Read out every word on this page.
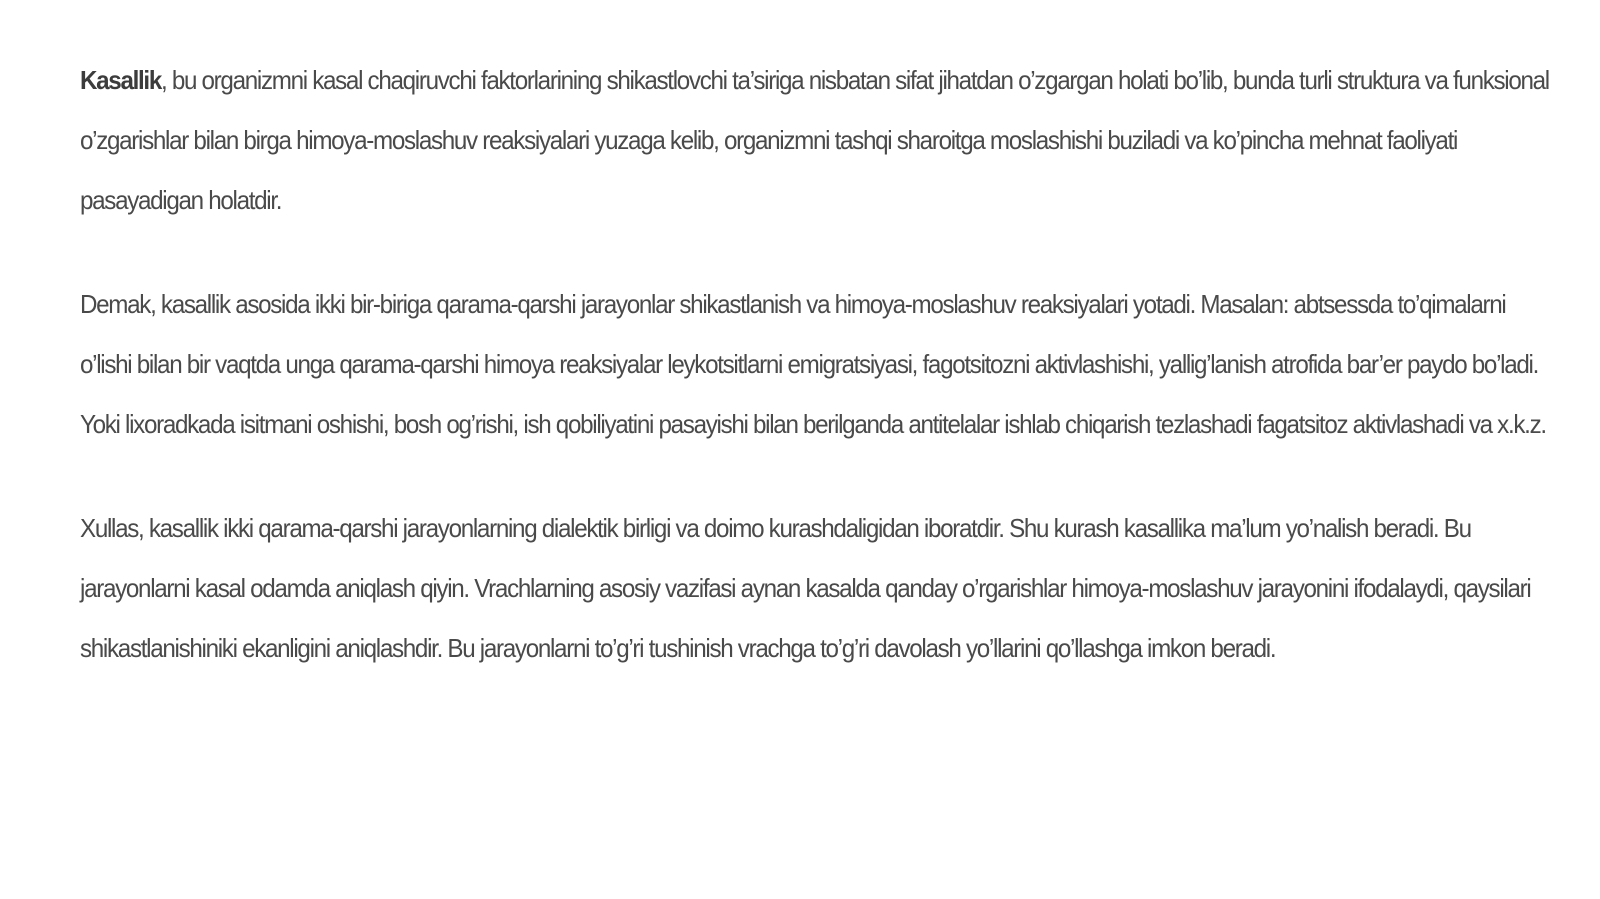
Kasallik, bu organizmni kasal chaqiruvchi faktorlarining shikastlovchi ta’siriga nisbatan sifat jihatdan o’zgargan holati bo’lib, bunda turli struktura va funksional o’zgarishlar bilan birga himoya-moslashuv reaksiyalari yuzaga kelib, organizmni tashqi sharoitga moslashishi buziladi va ko’pincha mehnat faoliyati pasayadigan holatdir.

Demak, kasallik asosida ikki bir-biriga qarama-qarshi jarayonlar shikastlanish va himoya-moslashuv reaksiyalari yotadi. Masalan: abtsessda to’qimalarni o’lishi bilan bir vaqtda unga qarama-qarshi himoya reaksiyalar leykotsitlarni emigratsiyasi, fagotsitozni aktivlashishi, yallig’lanish atrofida bar’er paydo bo’ladi. Yoki lixoradkada isitmani oshishi, bosh og’rishi, ish qobiliyatini pasayishi bilan berilganda antitelalar ishlab chiqarish tezlashadi fagatsitoz aktivlashadi va x.k.z.

Xullas, kasallik ikki qarama-qarshi jarayonlarning dialektik birligi va doimo kurashdaligidan iboratdir. Shu kurash kasallika ma’lum yo’nalish beradi. Bu jarayonlarni kasal odamda aniqlash qiyin. Vrachlarning asosiy vazifasi aynan kasalda qanday o’rgarishlar himoya-moslashuv jarayonini ifodalaydi, qaysilari shikastlanishiniki ekanligini aniqlashdir. Bu jarayonlarni to’g’ri tushinish vrachga to’g’ri davolash yo’llarini qo’llashga imkon beradi.
